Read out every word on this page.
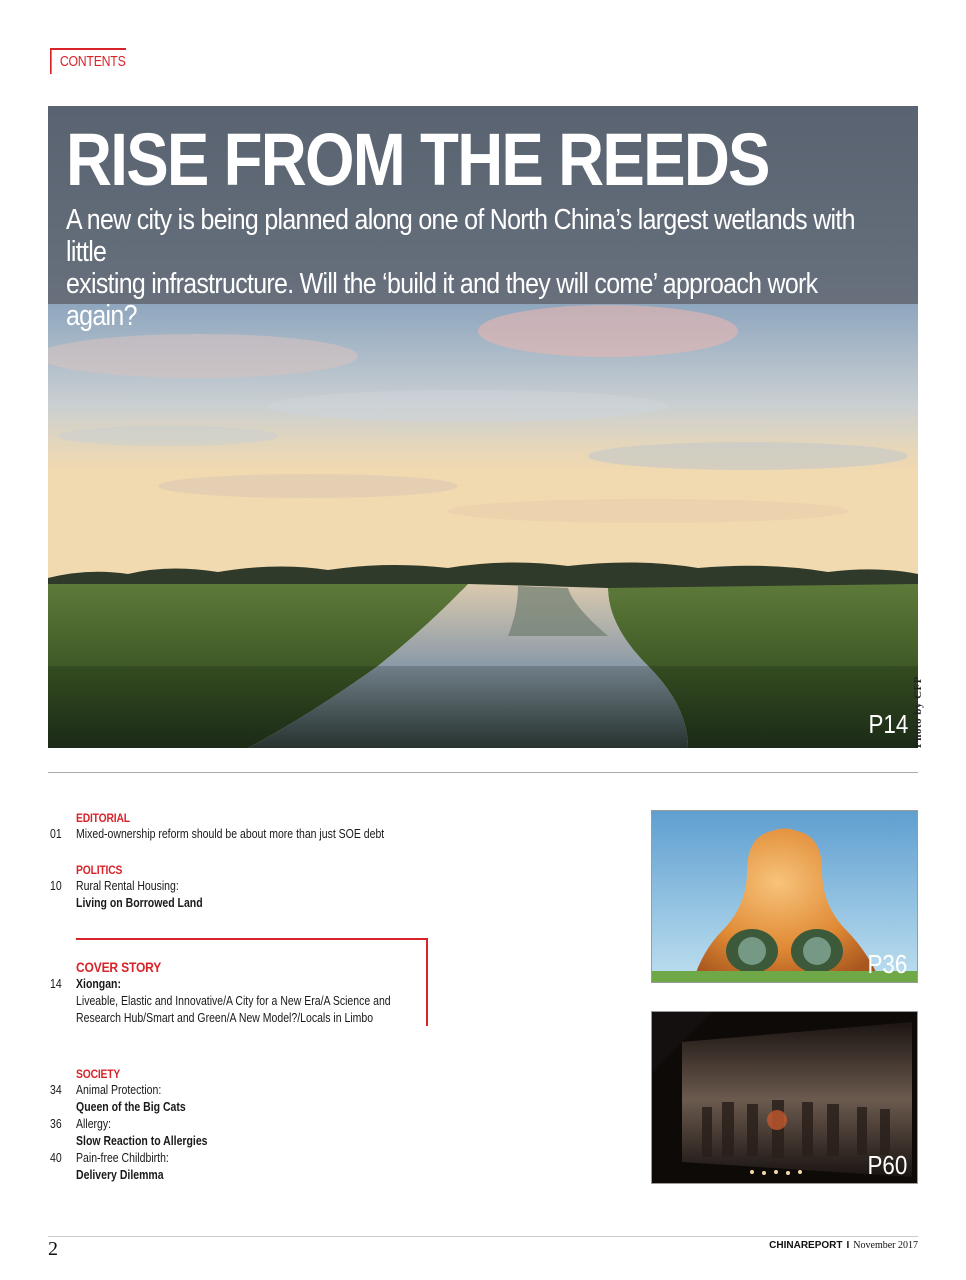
CONTENTS
RISE FROM THE REEDS
A new city is being planned along one of North China’s largest wetlands with little
existing infrastructure. Will the ‘build it and they will come’ approach work again?
P14 Photo by CFP
EDITORIAL
01	Mixed-ownership reform should be about more than just SOE debt
POLITICS
10	Rural Rental Housing:
Living on Borrowed Land
COVER STORY
14	Xiongan:
Liveable, Elastic and Innovative/A City for a New Era/A Science and
Research Hub/Smart and Green/A New Model?/Locals in Limbo
SOCIETY
34	Animal Protection:
Queen of the Big Cats
36	Allergy:
Slow Reaction to Allergies
40	Pain-free Childbirth:
Delivery Dilemma
P36
P60
2	CHINAREPORT I November 2017
